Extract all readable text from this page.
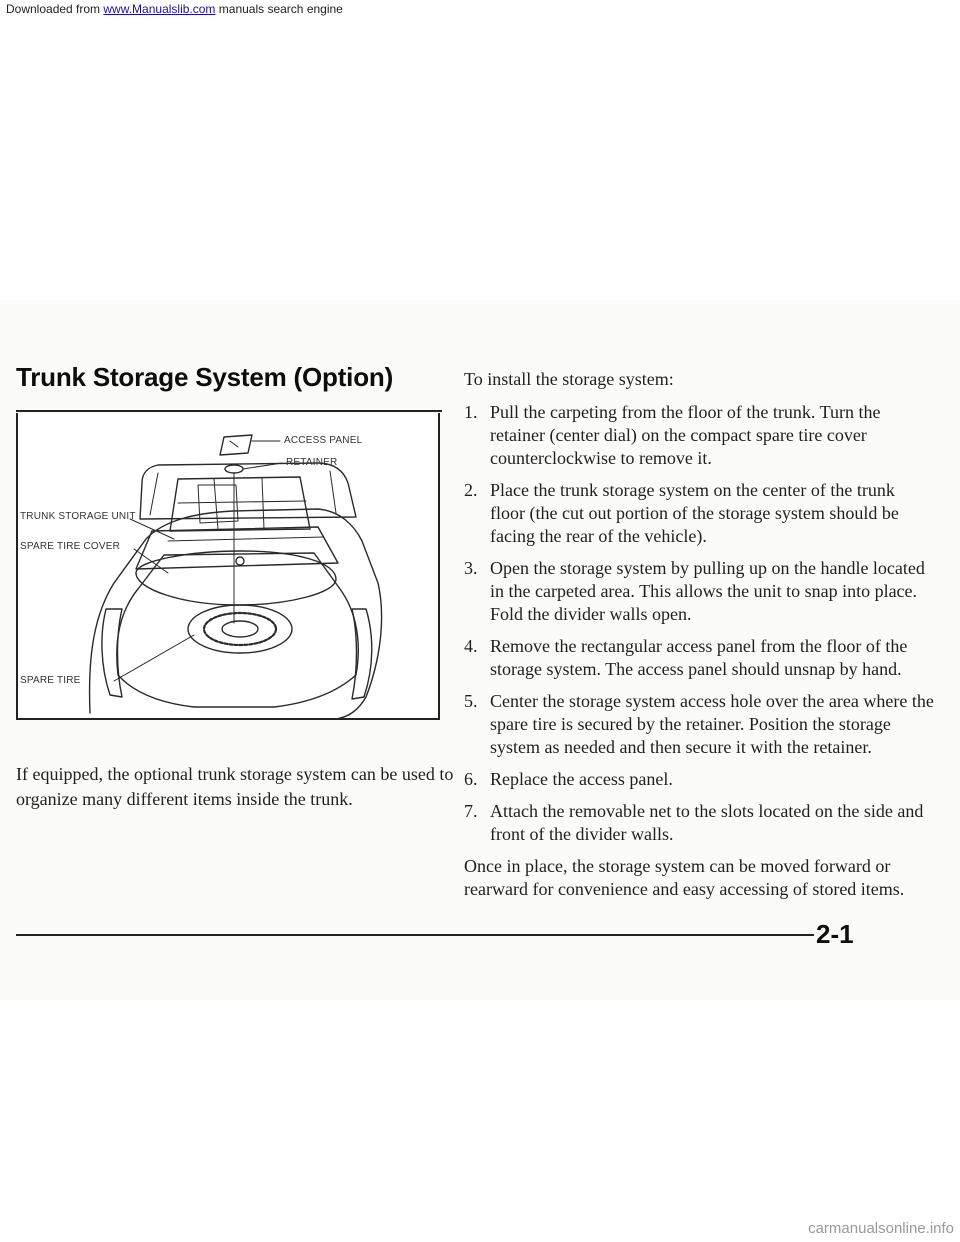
Downloaded from www.Manualslib.com manuals search engine
Trunk Storage System (Option)
ACCESS PANEL
RETAINER
TRUNK STORAGE UNIT
SPARE TIRE COVER
SPARE TIRE

If equipped, the optional trunk storage system can be used to organize many different items inside the trunk.

To install the storage system:

1. Pull the carpeting from the floor of the trunk. Turn the retainer (center dial) on the compact spare tire cover counterclockwise to remove it.
2. Place the trunk storage system on the center of the trunk floor (the cut out portion of the storage system should be facing the rear of the vehicle).
3. Open the storage system by pulling up on the handle located in the carpeted area. This allows the unit to snap into place. Fold the divider walls open.
4. Remove the rectangular access panel from the floor of the storage system. The access panel should unsnap by hand.
5. Center the storage system access hole over the area where the spare tire is secured by the retainer. Position the storage system as needed and then secure it with the retainer.
6. Replace the access panel.
7. Attach the removable net to the slots located on the side and front of the divider walls.

Once in place, the storage system can be moved forward or rearward for convenience and easy accessing of stored items.

2-1
carmanualsonline.info
